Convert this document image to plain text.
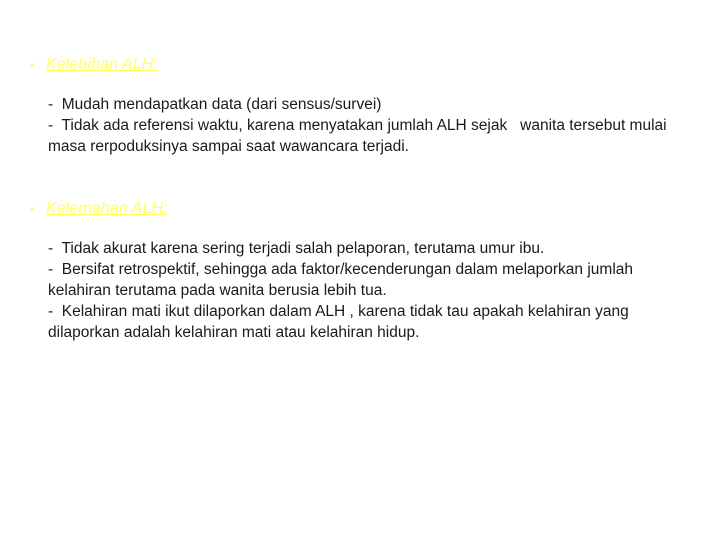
• Kelebihan ALH:
-  Mudah mendapatkan data (dari sensus/survei)
-  Tidak ada referensi waktu, karena menyatakan jumlah ALH sejak   wanita tersebut mulai masa rerpoduksinya sampai saat wawancara terjadi.
• Kelemahan ALH:
-  Tidak akurat karena sering terjadi salah pelaporan, terutama umur ibu.
-  Bersifat retrospektif, sehingga ada faktor/kecenderungan dalam melaporkan jumlah kelahiran terutama pada wanita berusia lebih tua.
-  Kelahiran mati ikut dilaporkan dalam ALH , karena tidak tau apakah kelahiran yang dilaporkan adalah kelahiran mati atau kelahiran hidup.
